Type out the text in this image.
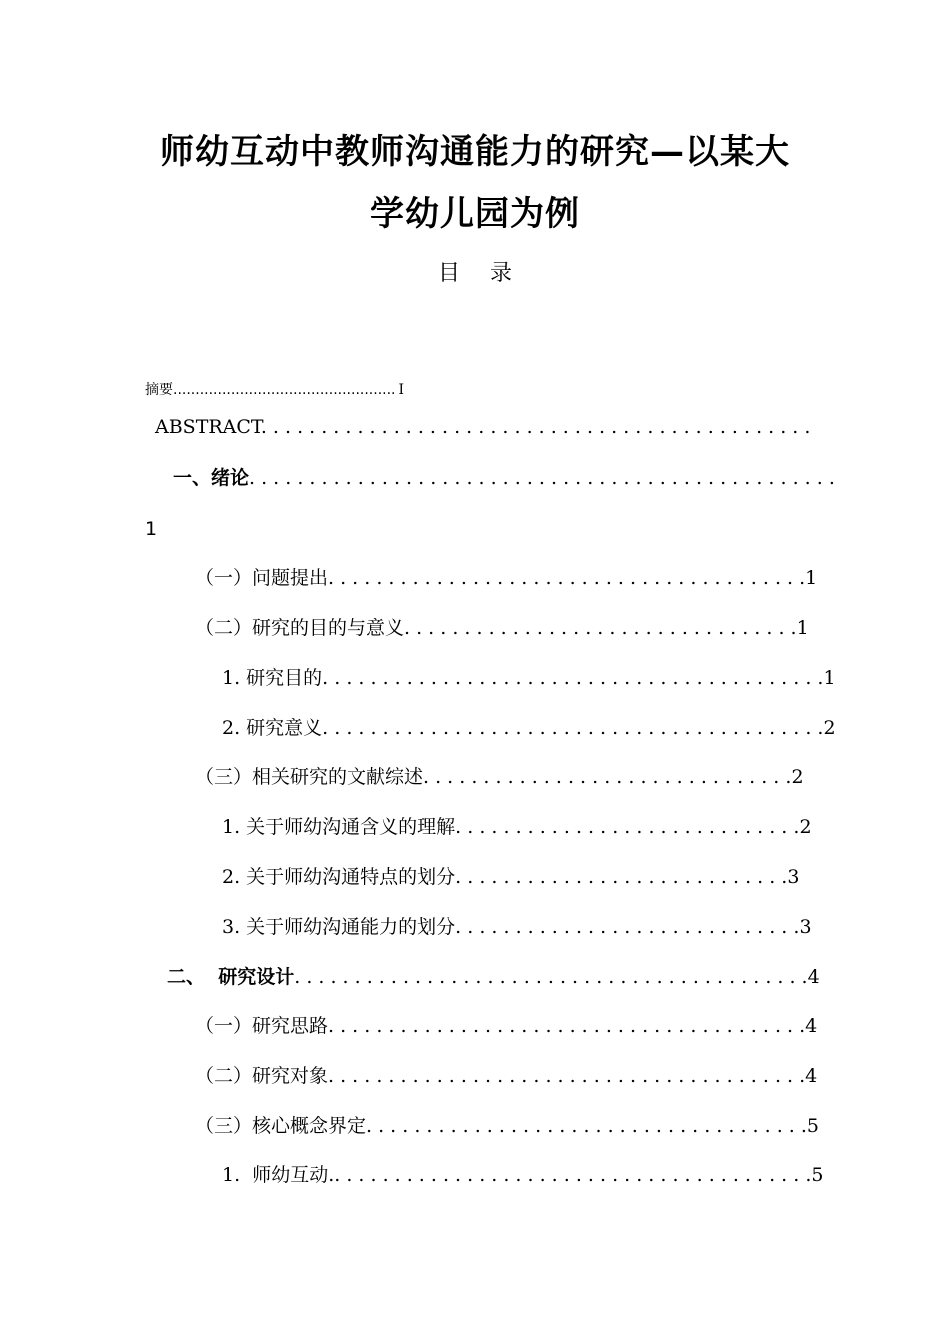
师幼互动中教师沟通能力的研究—以某大
学幼儿园为例
目 录
摘要.................................................. I
ABSTRACT. . . . . . . . . . . . . . . . . . . . . . . . . . . . . . . . . . . . . . . . . . . . . .
一、绪论. . . . . . . . . . . . . . . . . . . . . . . . . . . . . . . . . . . . . . . . . . . . . . . . .
1
（一）问题提出. . . . . . . . . . . . . . . . . . . . . . . . . . . . . . . . . . . . . . . .1
（二）研究的目的与意义. . . . . . . . . . . . . . . . . . . . . . . . . . . . . . . . .1
1. 研究目的. . . . . . . . . . . . . . . . . . . . . . . . . . . . . . . . . . . . . . . . . .1
2. 研究意义. . . . . . . . . . . . . . . . . . . . . . . . . . . . . . . . . . . . . . . . . .2
（三）相关研究的文献综述. . . . . . . . . . . . . . . . . . . . . . . . . . . . . . .2
1. 关于师幼沟通含义的理解. . . . . . . . . . . . . . . . . . . . . . . . . . . . .2
2. 关于师幼沟通特点的划分. . . . . . . . . . . . . . . . . . . . . . . . . . . .3
3. 关于师幼沟通能力的划分. . . . . . . . . . . . . . . . . . . . . . . . . . . . .3
二、  研究设计. . . . . . . . . . . . . . . . . . . . . . . . . . . . . . . . . . . . . . . . . . .4
（一）研究思路. . . . . . . . . . . . . . . . . . . . . . . . . . . . . . . . . . . . . . . .4
（二）研究对象. . . . . . . . . . . . . . . . . . . . . . . . . . . . . . . . . . . . . . . .4
（三）核心概念界定. . . . . . . . . . . . . . . . . . . . . . . . . . . . . . . . . . . . .5
1.  师幼互动.. . . . . . . . . . . . . . . . . . . . . . . . . . . . . . . . . . . . . . . .5
